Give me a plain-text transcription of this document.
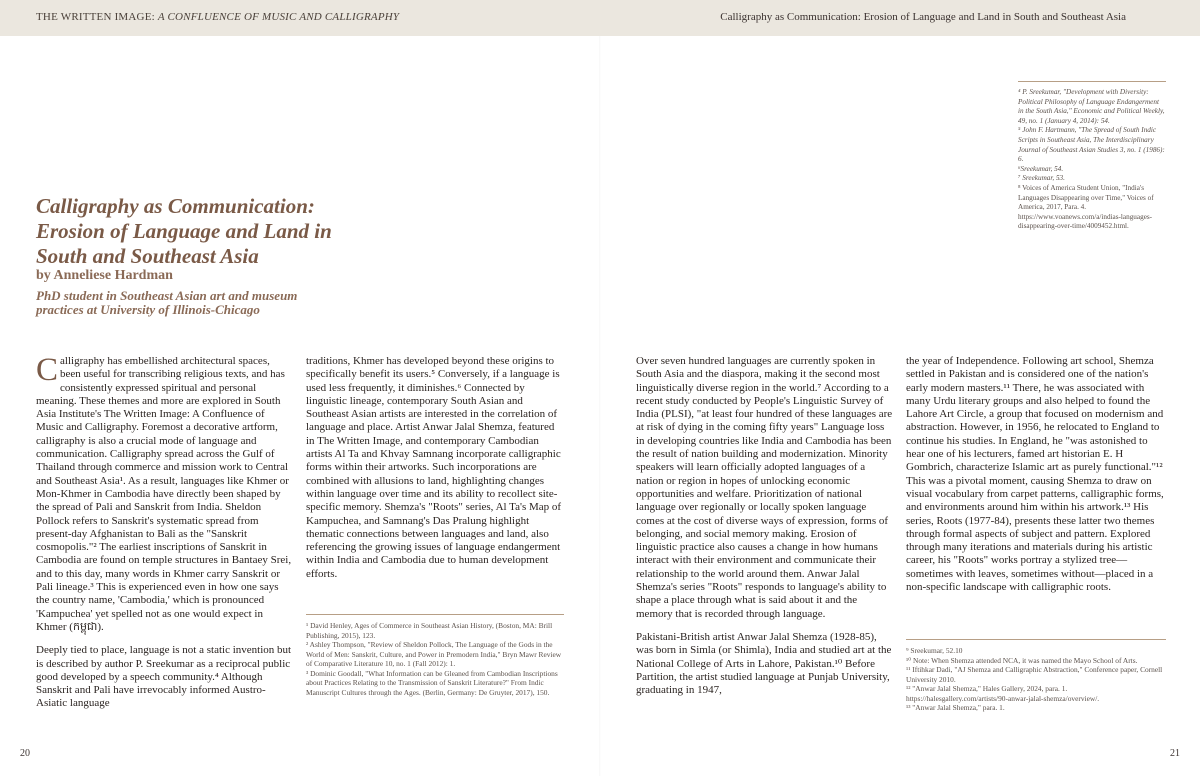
THE WRITTEN IMAGE: A CONFLUENCE OF MUSIC AND CALLIGRAPHY	Calligraphy as Communication: Erosion of Language and Land in South and Southeast Asia
⁴ P. Sreekumar, "Development with Diversity: Political Philosophy of Language Endangerment in the South Asia," Economic and Political Weekly, 49, no. 1 (January 4, 2014): 54.
⁵ John F. Hartmann, "The Spread of South Indic Scripts in Southeast Asia, The Interdisciplinary Journal of Southeast Asian Studies 3, no. 1 (1986): 6.
⁶Sreekumar, 54.
⁷ Sreekumar, 53.
⁸ Voices of America Student Union, "India's Languages Disappearing over Time," Voices of America, 2017, Para. 4. https://www.voanews.com/a/indias-languages-disappearing-over-time/4009452.html.
Calligraphy as Communication:
Erosion of Language and Land in
South and Southeast Asia
by Anneliese Hardman
PhD student in Southeast Asian art and museum
practices at University of Illinois-Chicago

Calligraphy has embellished architectural spaces, been useful for transcribing religious texts, and has consistently expressed spiritual and personal meaning. These themes and more are explored in South Asia Institute's The Written Image: A Confluence of Music and Calligraphy. Foremost a decorative artform, calligraphy is also a crucial mode of language and communication. Calligraphy spread across the Gulf of Thailand through commerce and mission work to Central and Southeast Asia¹. As a result, languages like Khmer or Mon-Khmer in Cambodia have directly been shaped by the spread of Pali and Sanskrit from India. Sheldon Pollock refers to Sanskrit's systematic spread from present-day Afghanistan to Bali as the "Sanskrit cosmopolis."² The earliest inscriptions of Sanskrit in Cambodia are found on temple structures in Bantaey Srei, and to this day, many words in Khmer carry Sanskrit or Pali lineage.³ This is experienced even in how one says the country name, 'Cambodia,' which is pronounced 'Kampuchea' yet spelled not as one would expect in Khmer (កម្ពុជា).

Deeply tied to place, language is not a static invention but is described by author P. Sreekumar as a reciprocal public good developed by a speech community.⁴ Although Sanskrit and Pali have irrevocably informed Austro-Asiatic language

traditions, Khmer has developed beyond these origins to specifically benefit its users.⁵ Conversely, if a language is used less frequently, it diminishes.⁶ Connected by linguistic lineage, contemporary South Asian and Southeast Asian artists are interested in the correlation of language and place. Artist Anwar Jalal Shemza, featured in The Written Image, and contemporary Cambodian artists Al Ta and Khvay Samnang incorporate calligraphic forms within their artworks. Such incorporations are combined with allusions to land, highlighting changes within language over time and its ability to recollect site-specific memory. Shemza's "Roots" series, Al Ta's Map of Kampuchea, and Samnang's Das Pralung highlight thematic connections between languages and land, also referencing the growing issues of language endangerment within India and Cambodia due to human development efforts.

¹ David Henley, Ages of Commerce in Southeast Asian History, (Boston, MA: Brill Publishing, 2015), 123.
² Ashley Thompson, "Review of Sheldon Pollock, The Language of the Gods in the World of Men: Sanskrit, Culture, and Power in Premodern India," Bryn Mawr Review of Comparative Literature 10, no. 1 (Fall 2012): 1.
³ Dominic Goodall, "What Information can be Gleaned from Cambodian Inscriptions about Practices Relating to the Transmission of Sanskrit Literature?" From Indic Manuscript Cultures through the Ages. (Berlin, Germany: De Gruyter, 2017), 150.

Over seven hundred languages are currently spoken in South Asia and the diaspora, making it the second most linguistically diverse region in the world.⁷ According to a recent study conducted by People's Linguistic Survey of India (PLSI), "at least four hundred of these languages are at risk of dying in the coming fifty years" Language loss in developing countries like India and Cambodia has been the result of nation building and modernization. Minority speakers will learn officially adopted languages of a nation or region in hopes of unlocking economic opportunities and welfare. Prioritization of national language over regionally or locally spoken language comes at the cost of diverse ways of expression, forms of belonging, and social memory making. Erosion of linguistic practice also causes a change in how humans interact with their environment and communicate their relationship to the world around them. Anwar Jalal Shemza's series "Roots" responds to language's ability to shape a place through what is said about it and the memory that is recorded through language.

Pakistani-British artist Anwar Jalal Shemza (1928-85), was born in Simla (or Shimla), India and studied art at the National College of Arts in Lahore, Pakistan.¹⁰ Before Partition, the artist studied language at Punjab University, graduating in 1947,

the year of Independence. Following art school, Shemza settled in Pakistan and is considered one of the nation's early modern masters.¹¹ There, he was associated with many Urdu literary groups and also helped to found the Lahore Art Circle, a group that focused on modernism and abstraction. However, in 1956, he relocated to England to continue his studies. In England, he "was astonished to hear one of his lecturers, famed art historian E. H Gombrich, characterize Islamic art as purely functional."¹² This was a pivotal moment, causing Shemza to draw on visual vocabulary from carpet patterns, calligraphic forms, and environments around him within his artwork.¹³ His series, Roots (1977-84), presents these latter two themes through formal aspects of subject and pattern. Explored through many iterations and materials during his artistic career, his "Roots" works portray a stylized tree—sometimes with leaves, sometimes without—placed in a non-specific landscape with calligraphic roots.

⁹ Sreekumar, 52.10
¹⁰ Note: When Shemza attended NCA, it was named the Mayo School of Arts.
¹¹ Iftihkar Dadi, "AJ Shemza and Calligraphic Abstraction," Conference paper, Cornell University 2010.
¹² "Anwar Jalal Shemza," Hales Gallery, 2024, para. 1. https://halesgallery.com/artists/90-anwar-jalal-shemza/overview/.
¹³ "Anwar Jalal Shemza," para. 1.
20	21
